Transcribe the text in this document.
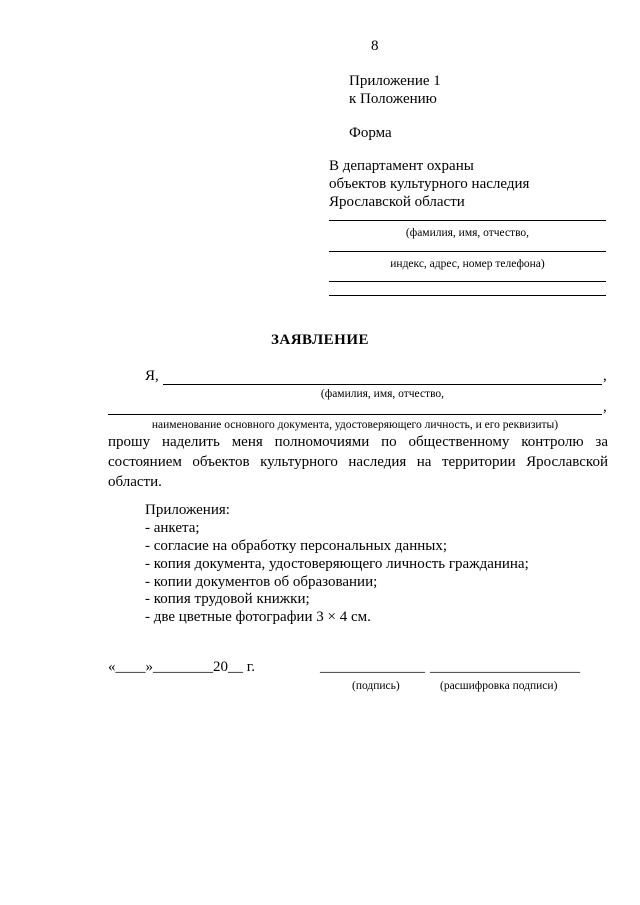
8
Приложение 1
к Положению
Форма
В департамент охраны
объектов культурного наследия
Ярославской области
(фамилия, имя, отчество,
индекс, адрес, номер телефона)
ЗАЯВЛЕНИЕ
Я,	,
(фамилия, имя, отчество,
,
наименование основного документа, удостоверяющего личность, и его реквизиты)
прошу наделить меня полномочиями по общественному контролю за состоянием объектов культурного наследия на территории Ярославской области.
Приложения:
- анкета;
- согласие на обработку персональных данных;
- копия документа, удостоверяющего личность гражданина;
- копии документов об образовании;
- копия трудовой книжки;
- две цветные фотографии 3 × 4 см.
«____»________20__ г.	______________ ____________________
(подпись)	(расшифровка подписи)
